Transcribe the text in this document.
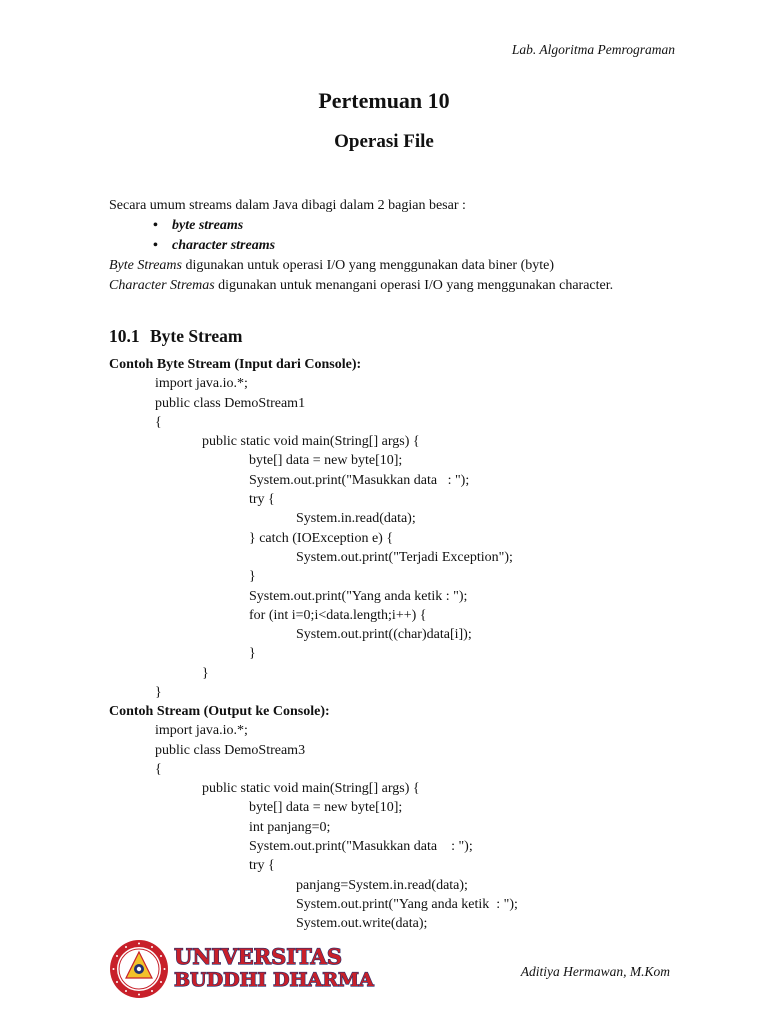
Lab. Algoritma Pemrograman
Pertemuan 10
Operasi File

Secara umum streams dalam Java dibagi dalam 2 bagian besar :

• byte streams
• character streams

Byte Streams digunakan untuk operasi I/O yang menggunakan data biner (byte)

Character Stremas digunakan untuk menangani operasi I/O yang menggunakan character.

10.1 Byte Stream
Contoh Byte Stream (Input dari Console):
import java.io.*;
public class DemoStream1
{
public static void main(String[] args) {
byte[] data = new byte[10];
System.out.print("Masukkan data   : ");
try {
System.in.read(data);
} catch (IOException e) {
System.out.print("Terjadi Exception");
}
System.out.print("Yang anda ketik : ");
for (int i=0;i<data.length;i++) {
System.out.print((char)data[i]);
}
}
}
Contoh Stream (Output ke Console):
import java.io.*;
public class DemoStream3
{
public static void main(String[] args) {
byte[] data = new byte[10];
int panjang=0;
System.out.print("Masukkan data    : ");
try {
panjang=System.in.read(data);
System.out.print("Yang anda ketik  : ");
System.out.write(data);
UNIVERSITAS
BUDDHI DHARMA	Aditiya Hermawan, M.Kom
